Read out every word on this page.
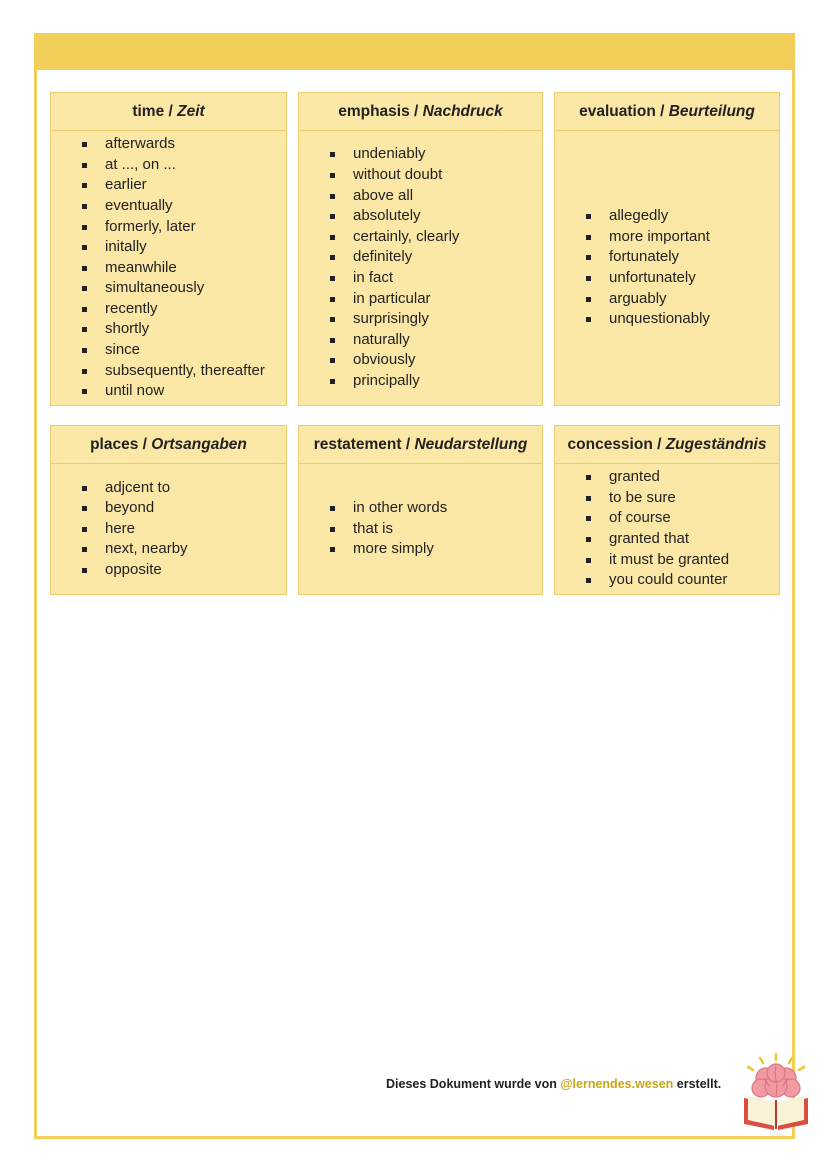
time / Zeit
afterwards
at ..., on ...
earlier
eventually
formerly, later
initally
meanwhile
simultaneously
recently
shortly
since
subsequently, thereafter
until now
emphasis / Nachdruck
undeniably
without doubt
above all
absolutely
certainly, clearly
definitely
in fact
in particular
surprisingly
naturally
obviously
principally
evaluation / Beurteilung
allegedly
more important
fortunately
unfortunately
arguably
unquestionably
places / Ortsangaben
adjcent to
beyond
here
next, nearby
opposite
restatement / Neudarstellung
in other words
that is
more simply
concession / Zugeständnis
granted
to be sure
of course
granted that
it must be granted
you could counter
Dieses Dokument wurde von @lernendes.wesen erstellt.
